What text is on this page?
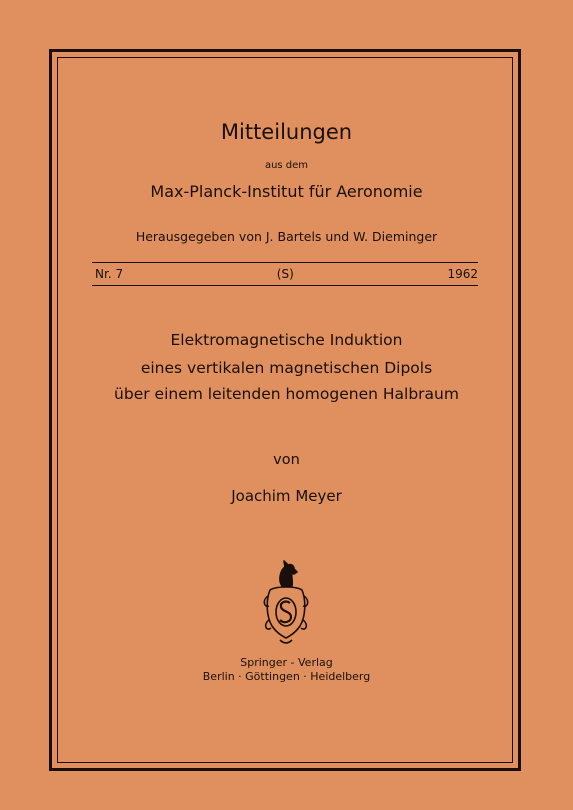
Mitteilungen
aus dem
Max-Planck-Institut für Aeronomie
Herausgegeben von J. Bartels und W. Dieminger
Nr. 7	(S)	1962
Elektromagnetische Induktion
eines vertikalen magnetischen Dipols
über einem leitenden homogenen Halbraum
von
Joachim Meyer
Springer - Verlag
Berlin · Göttingen · Heidelberg
